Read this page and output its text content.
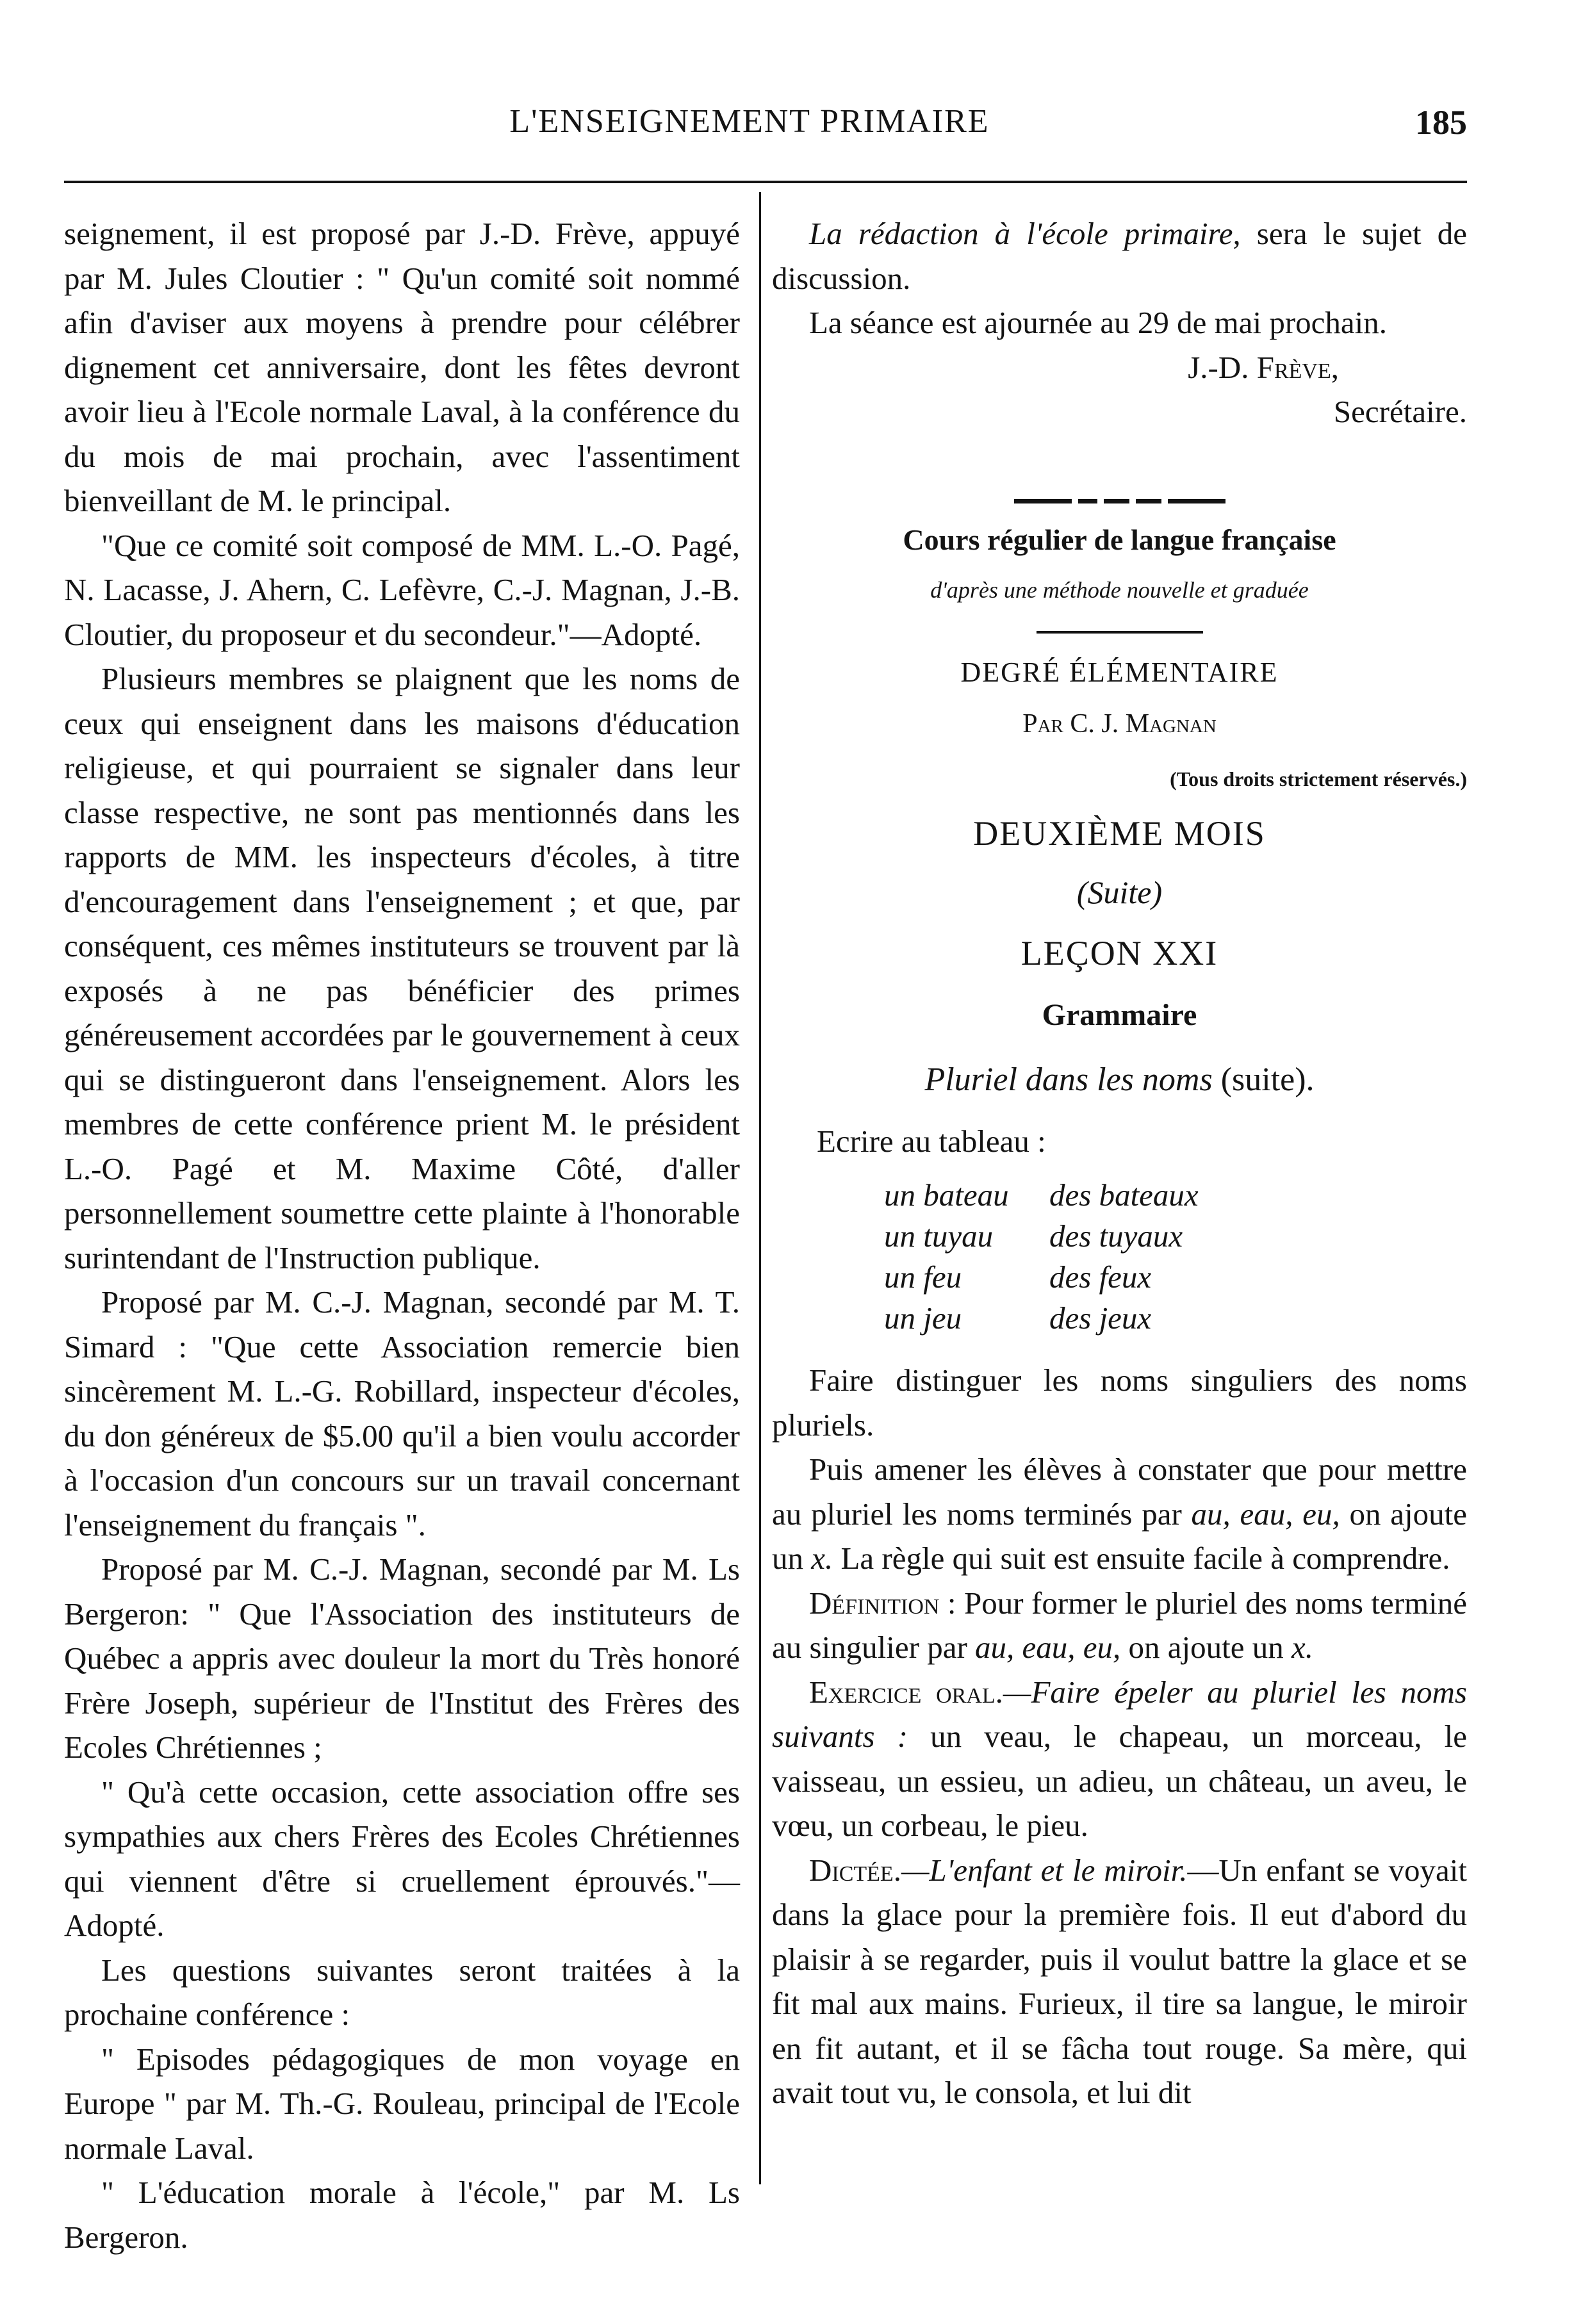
L'ENSEIGNEMENT PRIMAIRE	185

seignement, il est proposé par J.-D. Frève, appuyé par M. Jules Cloutier : " Qu'un comité soit nommé afin d'aviser aux moyens à prendre pour célébrer dignement cet anniversaire, dont les fêtes devront avoir lieu à l'Ecole normale Laval, à la conférence du du mois de mai prochain, avec l'assentiment bienveillant de M. le principal.

"Que ce comité soit composé de MM. L.-O. Pagé, N. Lacasse, J. Ahern, C. Lefèvre, C.-J. Magnan, J.-B. Cloutier, du proposeur et du secondeur."—Adopté.

Plusieurs membres se plaignent que les noms de ceux qui enseignent dans les maisons d'éducation religieuse, et qui pourraient se signaler dans leur classe respective, ne sont pas mentionnés dans les rapports de MM. les inspecteurs d'écoles, à titre d'encouragement dans l'enseignement ; et que, par conséquent, ces mêmes instituteurs se trouvent par là exposés à ne pas bénéficier des primes généreusement accordées par le gouvernement à ceux qui se distingueront dans l'enseignement. Alors les membres de cette conférence prient M. le président L.-O. Pagé et M. Maxime Côté, d'aller personnellement soumettre cette plainte à l'honorable surintendant de l'Instruction publique.

Proposé par M. C.-J. Magnan, secondé par M. T. Simard : "Que cette Association remercie bien sincèrement M. L.-G. Robillard, inspecteur d'écoles, du don généreux de $5.00 qu'il a bien voulu accorder à l'occasion d'un concours sur un travail concernant l'enseignement du français ".

Proposé par M. C.-J. Magnan, secondé par M. Ls Bergeron: " Que l'Association des instituteurs de Québec a appris avec douleur la mort du Très honoré Frère Joseph, supérieur de l'Institut des Frères des Ecoles Chrétiennes ;

" Qu'à cette occasion, cette association offre ses sympathies aux chers Frères des Ecoles Chrétiennes qui viennent d'être si cruellement éprouvés."—Adopté.

Les questions suivantes seront traitées à la prochaine conférence :

" Episodes pédagogiques de mon voyage en Europe " par M. Th.-G. Rouleau, principal de l'Ecole normale Laval.

" L'éducation morale à l'école," par M. Ls Bergeron.

La rédaction à l'école primaire, sera le sujet de discussion.

La séance est ajournée au 29 de mai prochain.

J.-D. Frève,

Secrétaire.

Cours régulier de langue française
d'après une méthode nouvelle et graduée
DEGRÉ ÉLÉMENTAIRE
Par C. J. Magnan
(Tous droits strictement réservés.)
DEUXIÈME MOIS
(Suite)
LEÇON XXI
Grammaire
Pluriel dans les noms (suite).

Ecrire au tableau :

un bateau	des bateaux
un tuyau	des tuyaux
un feu	des feux
un jeu	des jeux

Faire distinguer les noms singuliers des noms pluriels.

Puis amener les élèves à constater que pour mettre au pluriel les noms terminés par au, eau, eu, on ajoute un x. La règle qui suit est ensuite facile à comprendre.

Définition : Pour former le pluriel des noms terminé au singulier par au, eau, eu, on ajoute un x.

Exercice oral.—Faire épeler au pluriel les noms suivants : un veau, le chapeau, un morceau, le vaisseau, un essieu, un adieu, un château, un aveu, le vœu, un corbeau, le pieu.

Dictée.—L'enfant et le miroir.—Un enfant se voyait dans la glace pour la première fois. Il eut d'abord du plaisir à se regarder, puis il voulut battre la glace et se fit mal aux mains. Furieux, il tire sa langue, le miroir en fit autant, et il se fâcha tout rouge. Sa mère, qui avait tout vu, le consola, et lui dit
